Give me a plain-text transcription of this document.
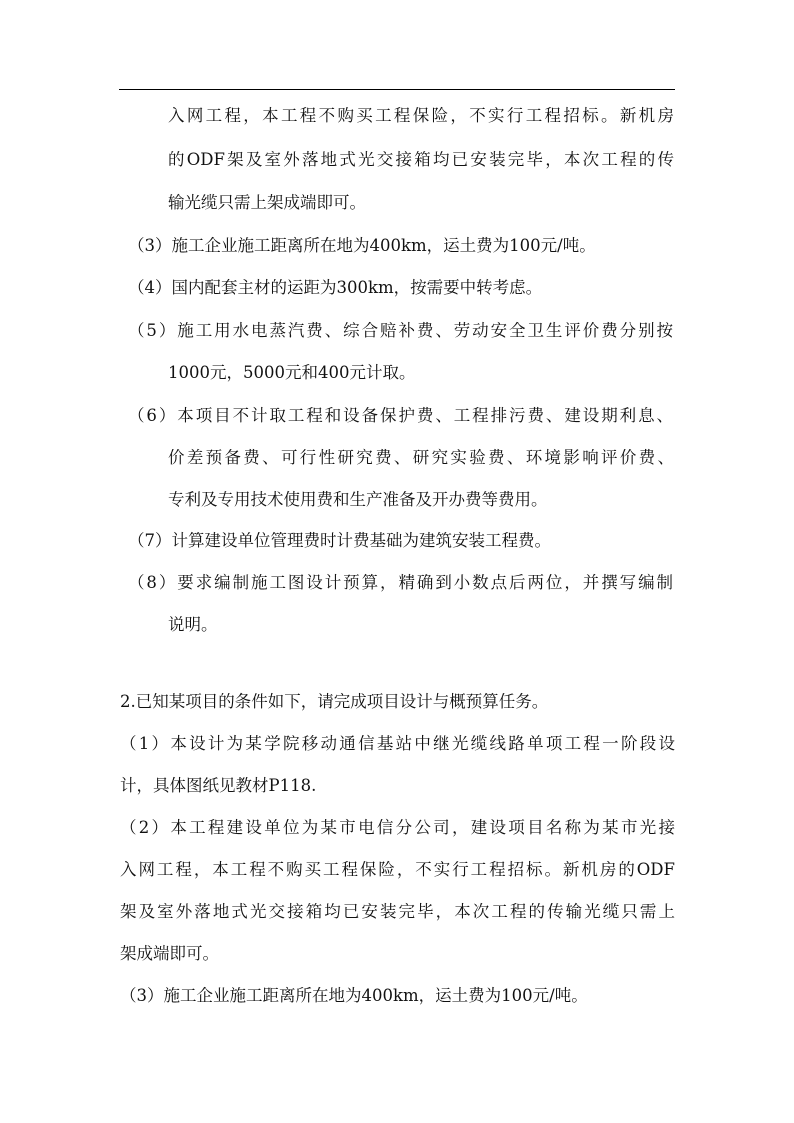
入网工程，本工程不购买工程保险，不实行工程招标。新机房
的ODF架及室外落地式光交接箱均已安装完毕，本次工程的传
输光缆只需上架成端即可。
（3）施工企业施工距离所在地为400km，运土费为100元/吨。
（4）国内配套主材的运距为300km，按需要中转考虑。
（5）施工用水电蒸汽费、综合赔补费、劳动安全卫生评价费分别按
1000元，5000元和400元计取。
（6）本项目不计取工程和设备保护费、工程排污费、建设期利息、
价差预备费、可行性研究费、研究实验费、环境影响评价费、
专利及专用技术使用费和生产准备及开办费等费用。
（7）计算建设单位管理费时计费基础为建筑安装工程费。
（8）要求编制施工图设计预算，精确到小数点后两位，并撰写编制
说明。
2.已知某项目的条件如下，请完成项目设计与概预算任务。
（1）本设计为某学院移动通信基站中继光缆线路单项工程一阶段设
计，具体图纸见教材P118.
（2）本工程建设单位为某市电信分公司，建设项目名称为某市光接
入网工程，本工程不购买工程保险，不实行工程招标。新机房的ODF
架及室外落地式光交接箱均已安装完毕，本次工程的传输光缆只需上
架成端即可。
（3）施工企业施工距离所在地为400km，运土费为100元/吨。
